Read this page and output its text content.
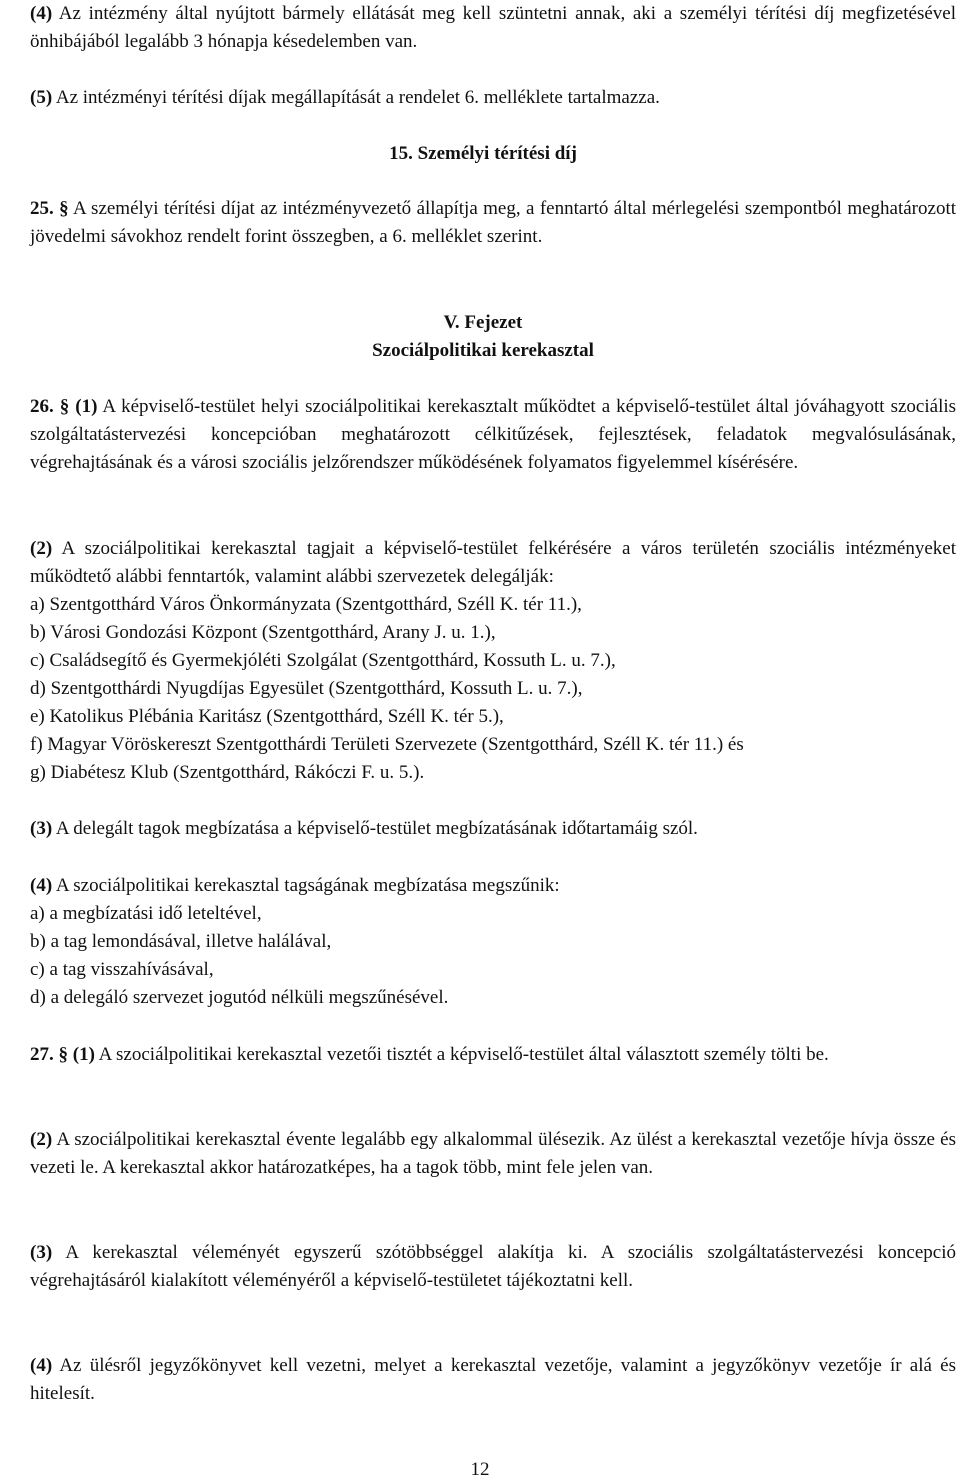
(4) Az intézmény által nyújtott bármely ellátását meg kell szüntetni annak, aki a személyi térítési díj megfizetésével önhibájából legalább 3 hónapja késedelemben van.

(5) Az intézményi térítési díjak megállapítását a rendelet 6. melléklete tartalmazza.

15. Személyi térítési díj

25. § A személyi térítési díjat az intézményvezető állapítja meg, a fenntartó által mérlegelési szempontból meghatározott jövedelmi sávokhoz rendelt forint összegben, a 6. melléklet szerint.

V. Fejezet

Szociálpolitikai kerekasztal

26. § (1) A képviselő-testület helyi szociálpolitikai kerekasztalt működtet a képviselő-testület által jóváhagyott szociális szolgáltatástervezési koncepcióban meghatározott célkitűzések, fejlesztések, feladatok megvalósulásának, végrehajtásának és a városi szociális jelzőrendszer működésének folyamatos figyelemmel kísérésére.

(2) A szociálpolitikai kerekasztal tagjait a képviselő-testület felkérésére a város területén szociális intézményeket működtető alábbi fenntartók, valamint alábbi szervezetek delegálják:

a) Szentgotthárd Város Önkormányzata (Szentgotthárd, Széll K. tér 11.),

b) Városi Gondozási Központ (Szentgotthárd, Arany J. u. 1.),

c) Családsegítő és Gyermekjóléti Szolgálat (Szentgotthárd, Kossuth L. u. 7.),

d) Szentgotthárdi Nyugdíjas Egyesület (Szentgotthárd, Kossuth L. u. 7.),

e) Katolikus Plébánia Karitász (Szentgotthárd, Széll K. tér 5.),

f) Magyar Vöröskereszt Szentgotthárdi Területi Szervezete (Szentgotthárd, Széll K. tér 11.) és

g) Diabétesz Klub (Szentgotthárd, Rákóczi F. u. 5.).

(3) A delegált tagok megbízatása a képviselő-testület megbízatásának időtartamáig szól.

(4) A szociálpolitikai kerekasztal tagságának megbízatása megszűnik:

a) a megbízatási idő leteltével,

b) a tag lemondásával, illetve halálával,

c) a tag visszahívásával,

d) a delegáló szervezet jogutód nélküli megszűnésével.

27. § (1) A szociálpolitikai kerekasztal vezetői tisztét a képviselő-testület által választott személy tölti be.

(2) A szociálpolitikai kerekasztal évente legalább egy alkalommal ülésezik. Az ülést a kerekasztal vezetője hívja össze és vezeti le. A kerekasztal akkor határozatképes, ha a tagok több, mint fele jelen van.

(3) A kerekasztal véleményét egyszerű szótöbbséggel alakítja ki. A szociális szolgáltatástervezési koncepció végrehajtásáról kialakított véleményéről a képviselő-testületet tájékoztatni kell.

(4) Az ülésről jegyzőkönyvet kell vezetni, melyet a kerekasztal vezetője, valamint a jegyzőkönyv vezetője ír alá és hitelesít.

12
